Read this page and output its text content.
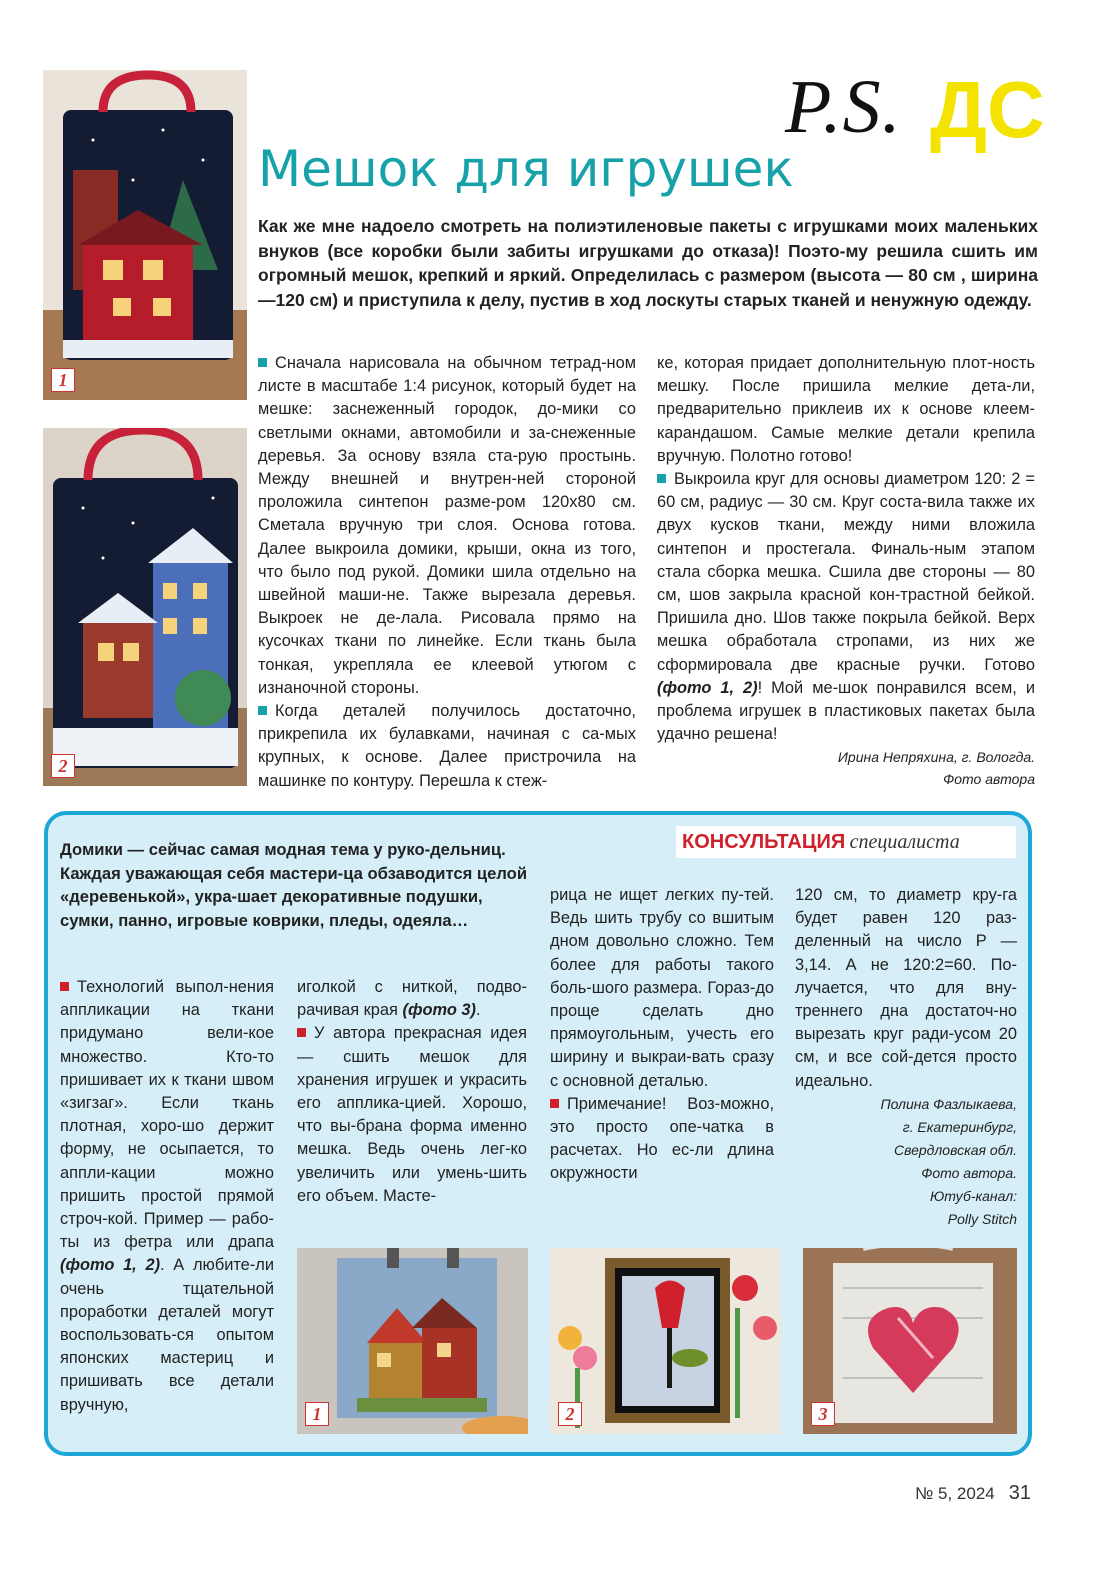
1
2
P.S. ДС
Мешок для игрушек
Как же мне надоело смотреть на полиэтиленовые пакеты с игрушками моих маленьких внуков (все коробки были забиты игрушками до отказа)! Поэто-му решила сшить им огромный мешок, крепкий и яркий. Определилась с размером (высота — 80 см , ширина —120 см) и приступила к делу, пустив в ход лоскуты старых тканей и ненужную одежду.

Сначала нарисовала на обычном тетрад-ном листе в масштабе 1:4 рисунок, который будет на мешке: заснеженный городок, до-мики со светлыми окнами, автомобили и за-снеженные деревья. За основу взяла ста-рую простынь. Между внешней и внутрен-ней стороной проложила синтепон разме-ром 120х80 см. Сметала вручную три слоя. Основа готова. Далее выкроила домики, крыши, окна из того, что было под рукой. Домики шила отдельно на швейной маши-не. Также вырезала деревья. Выкроек не де-лала. Рисовала прямо на кусочках ткани по линейке. Если ткань была тонкая, укрепляла ее клеевой утюгом с изнаночной стороны.

Когда деталей получилось достаточно, прикрепила их булавками, начиная с са-мых крупных, к основе. Далее пристрочила на машинке по контуру. Перешла к стеж-

ке, которая придает дополнительную плот-ность мешку. После пришила мелкие дета-ли, предварительно приклеив их к основе клеем-карандашом. Самые мелкие детали крепила вручную. Полотно готово!

Выкроила круг для основы диаметром 120: 2 = 60 см, радиус — 30 см. Круг соста-вила также их двух кусков ткани, между ними вложила синтепон и простегала. Финаль-ным этапом стала сборка мешка. Сшила две стороны — 80 см, шов закрыла красной кон-трастной бейкой. Пришила дно. Шов также покрыла бейкой. Верх мешка обработала стропами, из них же сформировала две красные ручки. Готово (фото 1, 2)! Мой ме-шок понравился всем, и проблема игрушек в пластиковых пакетах была удачно решена!

Ирина Непряхина, г. Вологда.
Фото автора
КОНСУЛЬТАЦИЯ специалиста
Домики — сейчас самая модная тема у руко-дельниц. Каждая уважающая себя мастери-ца обзаводится целой «деревенькой», укра-шает декоративные подушки, сумки, панно, игровые коврики, пледы, одеяла…
Технологий выпол-нения аппликации на ткани придумано вели-кое множество. Кто-то пришивает их к ткани швом «зигзаг». Если ткань плотная, хоро-шо держит форму, не осыпается, то аппли-кации можно пришить простой прямой строч-кой. Пример — рабо-ты из фетра или драпа (фото 1, 2). А любите-ли очень тщательной проработки деталей могут воспользовать-ся опытом японских мастериц и пришивать все детали вручную,

иголкой с ниткой, подво-рачивая края (фото 3).

У автора прекрасная идея — сшить мешок для хранения игрушек и украсить его апплика-цией. Хорошо, что вы-брана форма именно мешка. Ведь очень лег-ко увеличить или умень-шить его объем. Масте-

рица не ищет легких пу-тей. Ведь шить трубу со вшитым дном довольно сложно. Тем более для работы такого боль-шого размера. Гораз-до проще сделать дно прямоугольным, учесть его ширину и выкраи-вать сразу с основной деталью.

Примечание! Воз-можно, это просто опе-чатка в расчетах. Но ес-ли длина окружности

120 см, то диаметр кру-га будет равен 120 раз-деленный на число Р — 3,14. А не 120:2=60. По-лучается, что для вну-треннего дна достаточ-но вырезать круг ради-усом 20 см, и все сой-дется просто идеально.

Полина Фазлыкаева,
г. Екатеринбург,
Свердловская обл.
Фото автора.
Ютуб-канал:
Polly Stitch
1	2	3
№ 5, 2024 31
